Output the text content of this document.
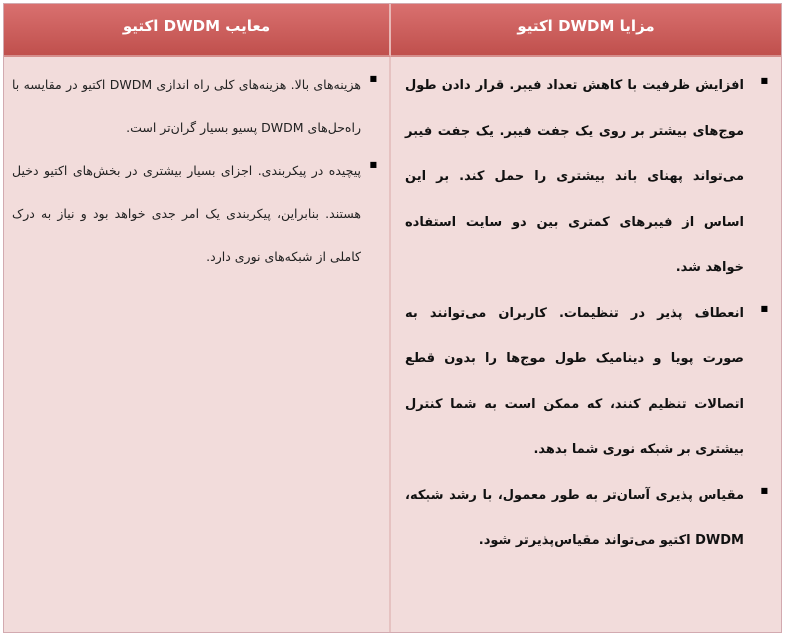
معایب DWDM اکتیو	مزایا DWDM اکتیو
■
هزینه‌های بالا. هزینه‌های کلی راه اندازی DWDM اکتیو در مقایسه با راه‌حل‌های DWDM پسیو بسیار گران‌تر است.
■
پیچیده در پیکربندی. اجزای بسیار بیشتری در بخش‌های اکتیو دخیل هستند. بنابراین، پیکربندی یک امر جدی خواهد بود و نیاز به درک کاملی از شبکه‌های نوری دارد.
■
افزایش ظرفیت با کاهش تعداد فیبر. قرار دادن طول موج‌های بیشتر بر روی یک جفت فیبر. یک جفت فیبر می‌تواند پهنای باند بیشتری را حمل کند. بر این اساس از فیبرهای کمتری بین دو سایت استفاده خواهد شد.
■
انعطاف پذیر در تنظیمات. کاربران می‌توانند به صورت پویا و دینامیک طول موج‌ها را بدون قطع اتصالات تنظیم کنند، که ممکن است به شما کنترل بیشتری بر شبکه نوری شما بدهد.
■
مقیاس پذیری آسان‌تر به طور معمول، با رشد شبکه، DWDM اکتیو می‌تواند مقیاس‌پذیرتر شود.
